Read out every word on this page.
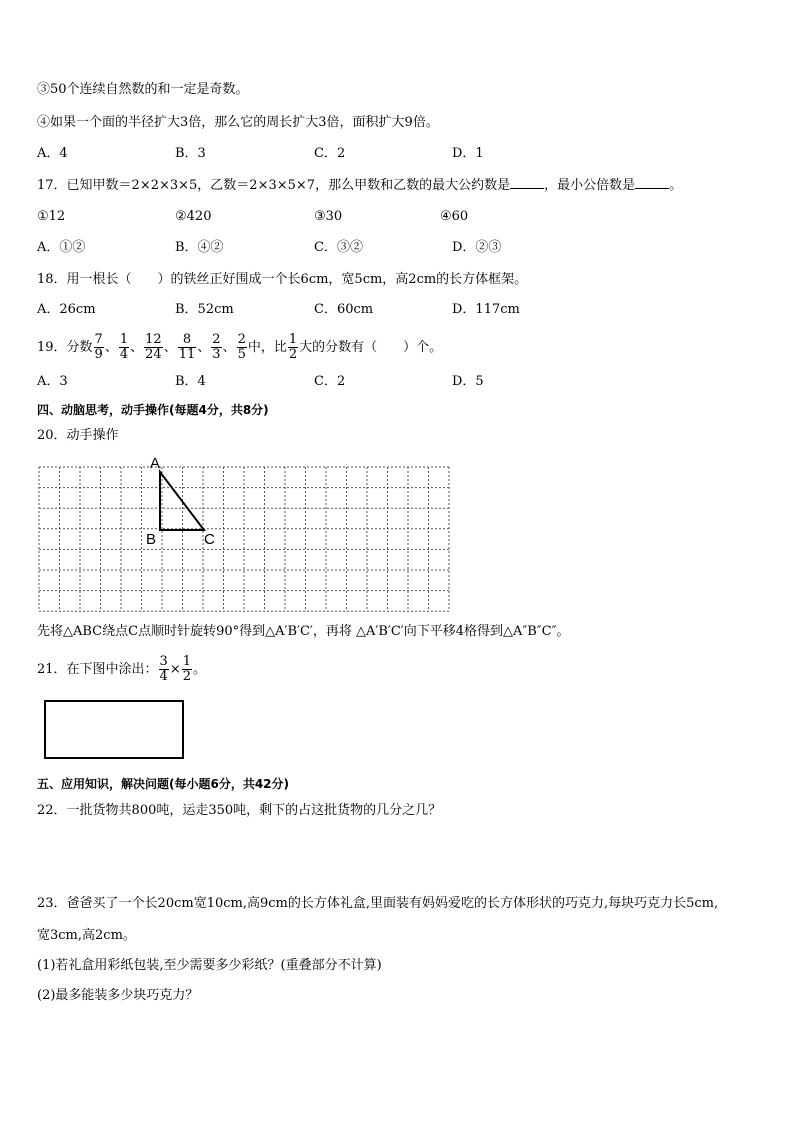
③50个连续自然数的和一定是奇数。
④如果一个面的半径扩大3倍，那么它的周长扩大3倍，面积扩大9倍。
A．4	B．3	C．2	D．1
17．已知甲数＝2×2×3×5，乙数＝2×3×5×7，那么甲数和乙数的最大公约数是	，最小公倍数是	。
①12	②420	③30	④60
A．①②	B．④②	C．③②	D．②③
18．用一根长（　　）的铁丝正好围成一个长6cm，宽5cm，高2cm的长方体框架。
A．26cm	B．52cm	C．60cm	D．117cm
19．分数 $\frac{7}{9}$ 、 $\frac{1}{4}$ 、 $\frac{12}{24}$ 、 $\frac{8}{11}$ 、 $\frac{2}{3}$ 、 $\frac{2}{5}$ 中，比 $\frac{1}{2}$ 大的分数有（　　）个。
A．3	B．4	C．2	D．5
四、动脑思考，动手操作(每题4分，共8分)
20．动手操作
A
B	C
先将△ABC绕点C点顺时针旋转90°得到△A′B′C′，再将 △A′B′C′向下平移4格得到△A″B″C″。
21．在下图中涂出： $\frac{3}{4} \times \frac{1}{2}$ 。
五、应用知识，解决问题(每小题6分，共42分)
22．一批货物共800吨，运走350吨，剩下的占这批货物的几分之几？
23．爸爸买了一个长20cm宽10cm,高9cm的长方体礼盒,里面装有妈妈爱吃的长方体形状的巧克力,每块巧克力长5cm,
宽3cm,高2cm。
(1)若礼盒用彩纸包装,至少需要多少彩纸？(重叠部分不计算)
(2)最多能装多少块巧克力？
